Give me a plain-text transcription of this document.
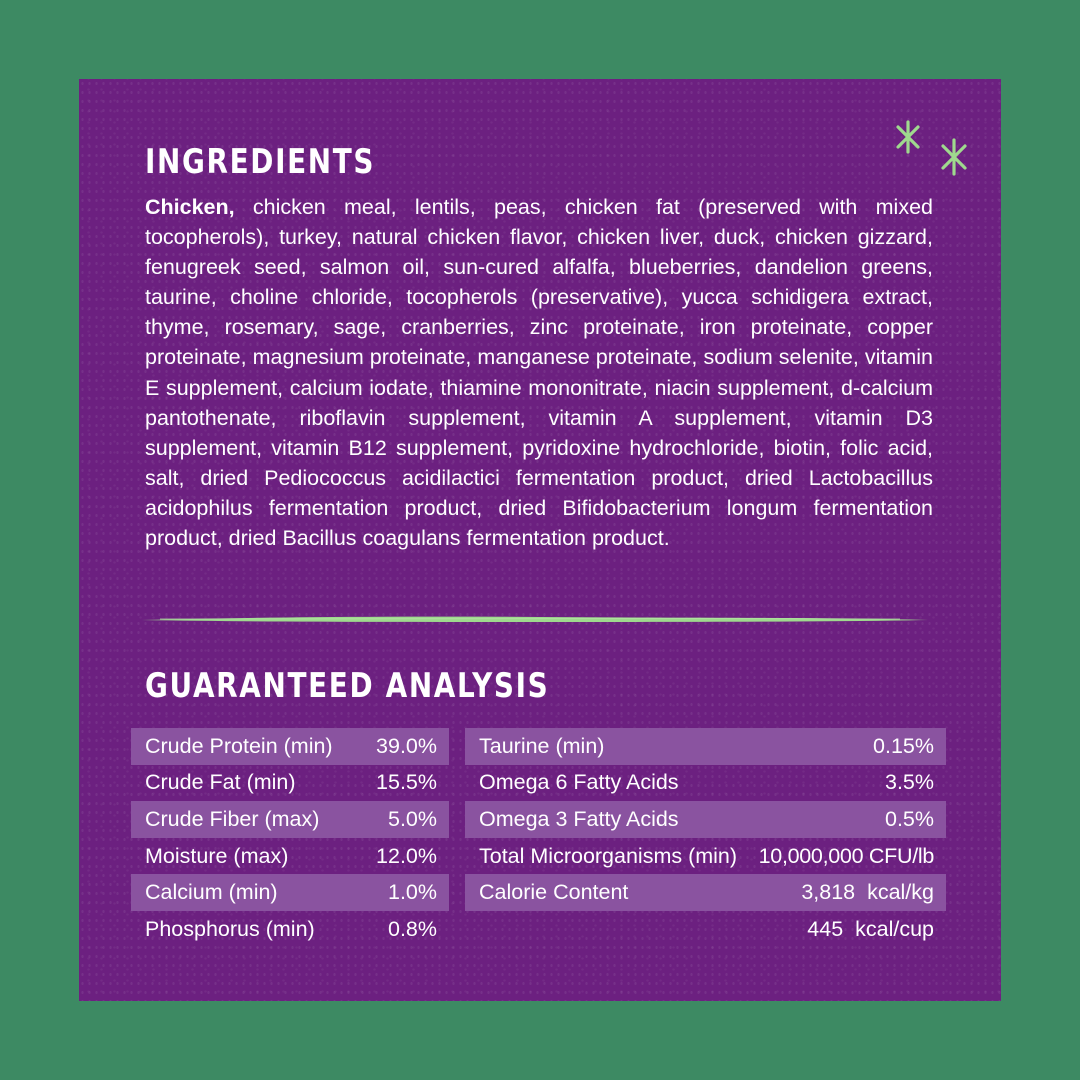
INGREDIENTS

Chicken, chicken meal, lentils, peas, chicken fat (preserved with mixed tocopherols), turkey, natural chicken flavor, chicken liver, duck, chicken gizzard, fenugreek seed, salmon oil, sun-cured alfalfa, blueberries, dandelion greens, taurine, choline chloride, tocopherols (preservative), yucca schidigera extract, thyme, rosemary, sage, cranberries, zinc proteinate, iron proteinate, copper proteinate, magnesium proteinate, manganese proteinate, sodium selenite, vitamin E supplement, calcium iodate, thiamine mononitrate, niacin supplement, d-calcium pantothenate, riboflavin supplement, vitamin A supplement, vitamin D3 supplement, vitamin B12 supplement, pyridoxine hydrochloride, biotin, folic acid, salt, dried Pediococcus acidilactici fermentation product, dried Lactobacillus acidophilus fermentation product, dried Bifidobacterium longum fermentation product, dried Bacillus coagulans fermentation product.

GUARANTEED ANALYSIS
Crude Protein (min) 39.0%
Crude Fat (min)	15.5%
Crude Fiber (max)	5.0%
Moisture (max)	12.0%
Calcium (min)	1.0%
Phosphorus (min)	0.8%
Taurine (min)	0.15%
Omega 6 Fatty Acids	3.5%
Omega 3 Fatty Acids	0.5%
Total Microorganisms (min) 10,000,000 CFU/lb
Calorie Content	3,818  kcal/kg
445  kcal/cup
